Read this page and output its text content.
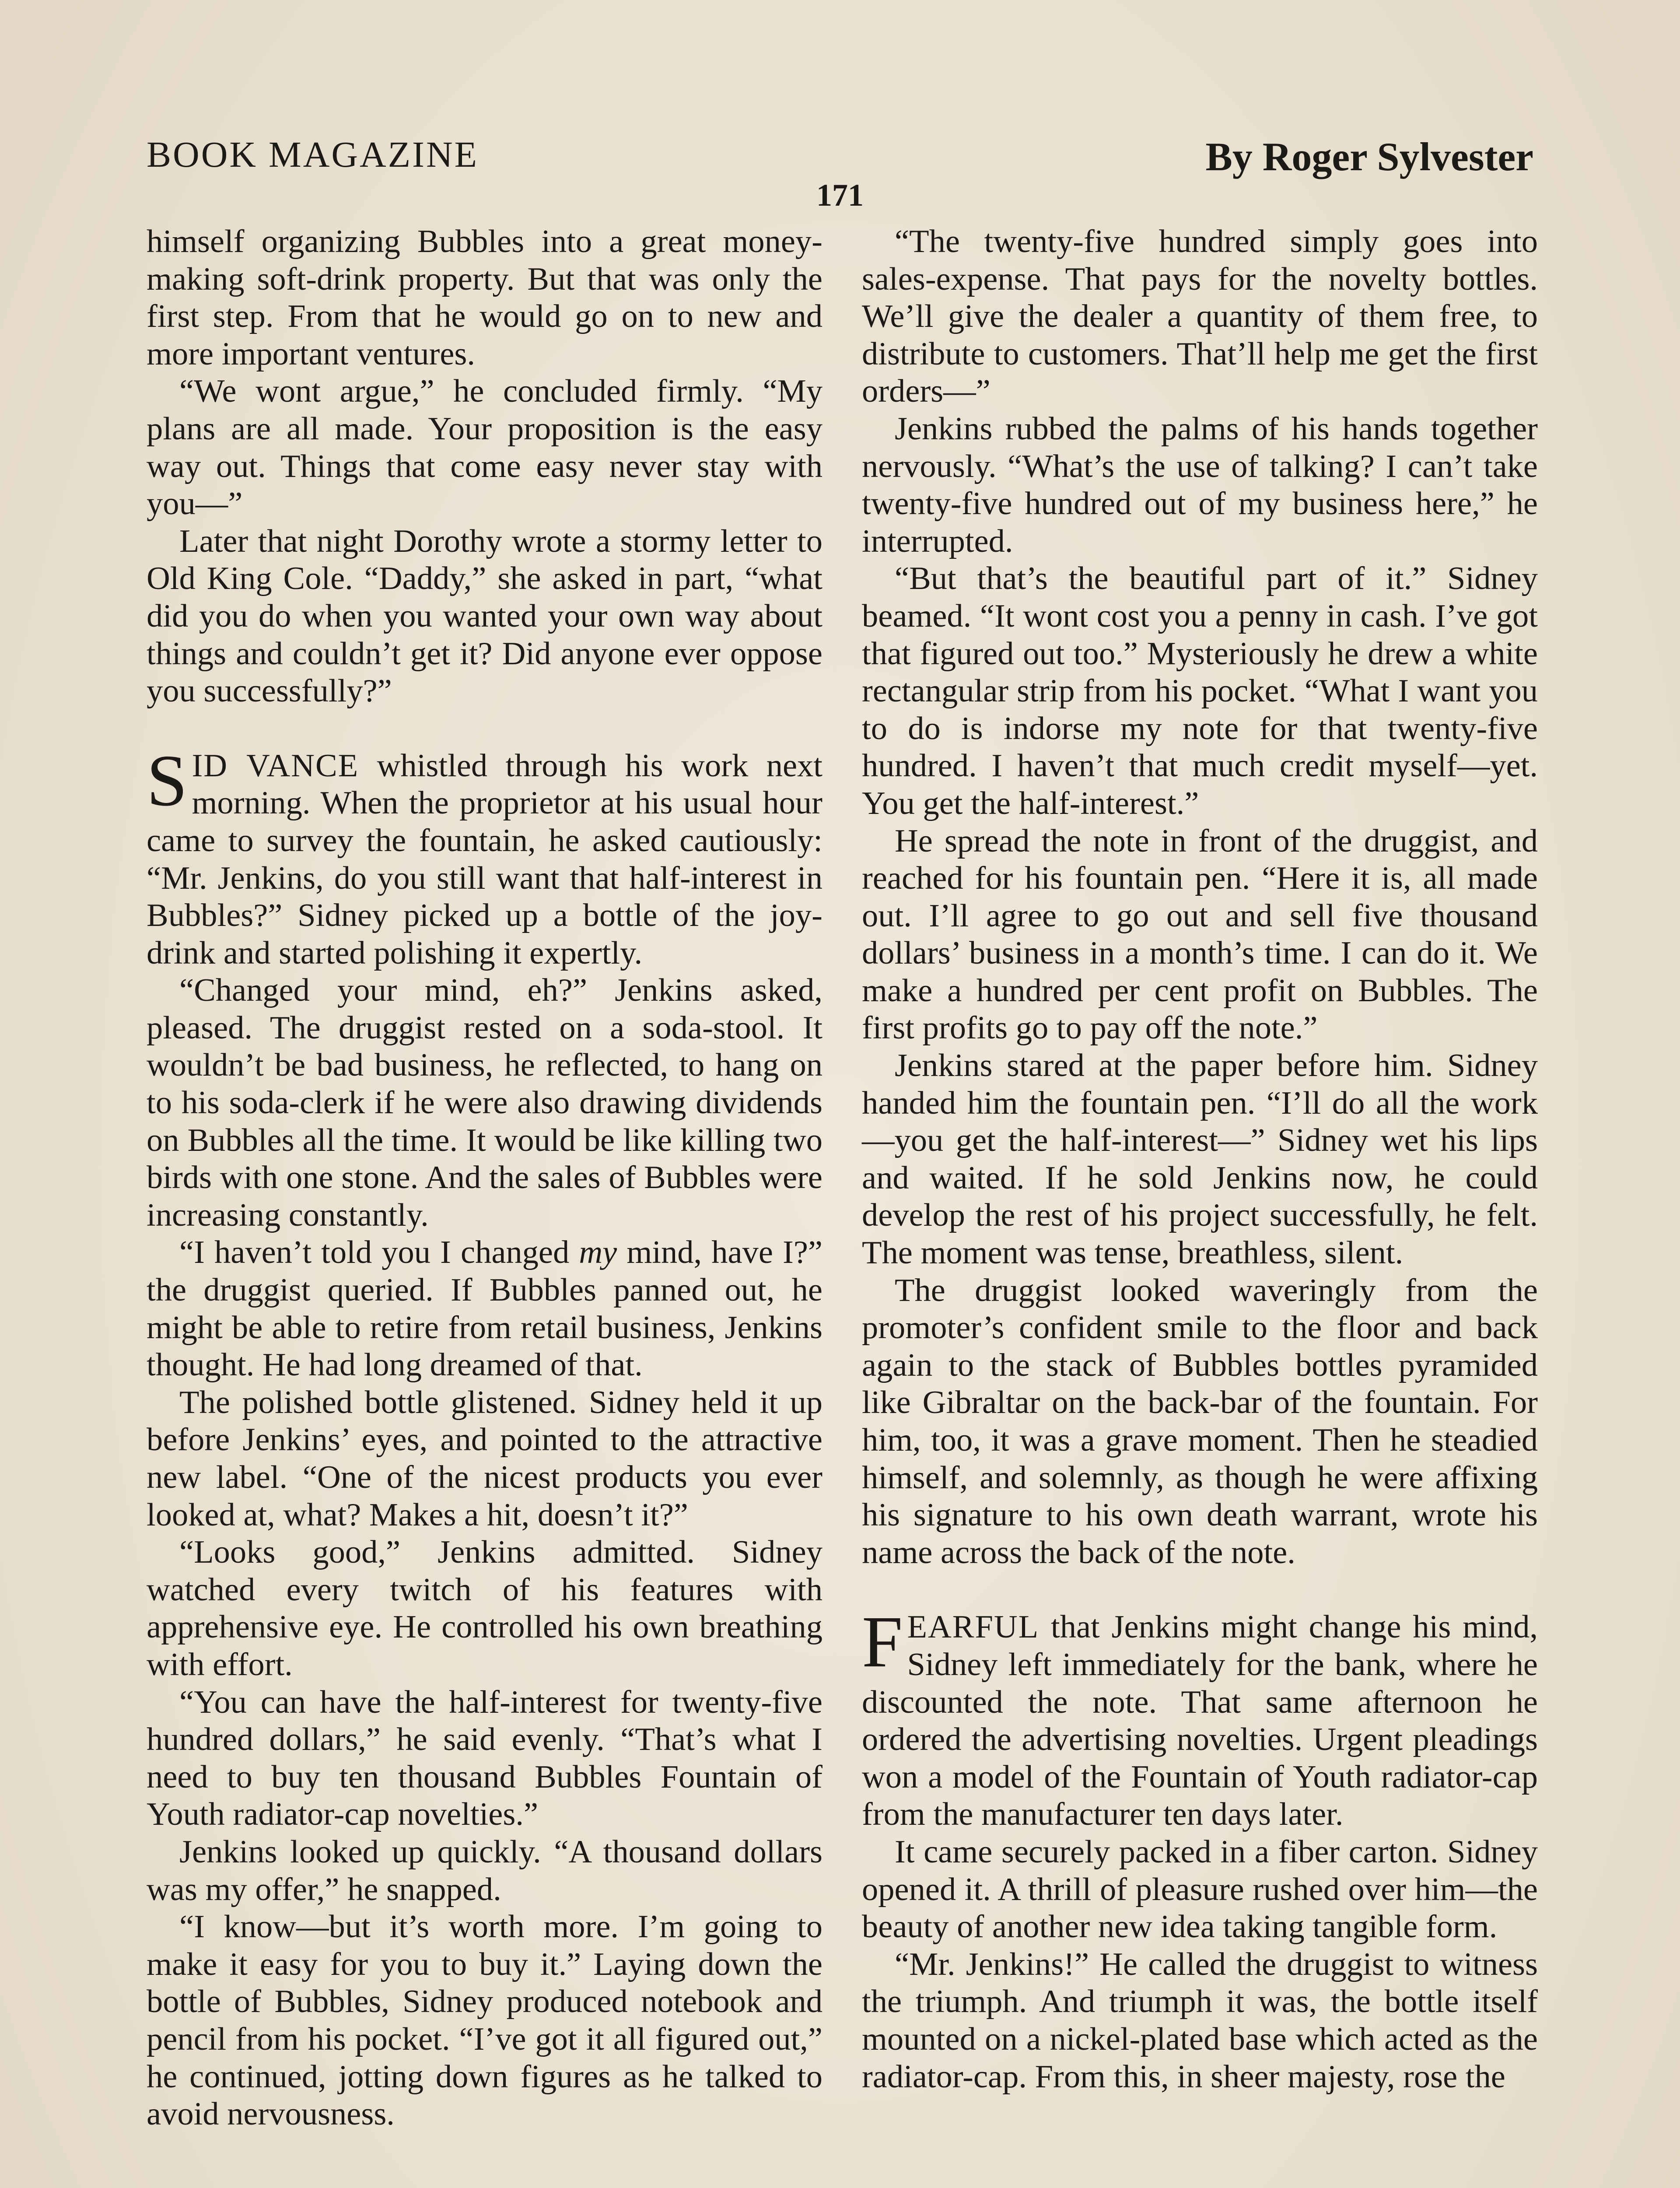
BOOK MAGAZINE	By Roger Sylvester
171

himself organizing Bubbles into a great money-making soft-drink property. But that was only the first step. From that he would go on to new and more important ventures.

“We wont argue,” he concluded firmly. “My plans are all made. Your proposition is the easy way out. Things that come easy never stay with you—”

Later that night Dorothy wrote a stormy letter to Old King Cole. “Daddy,” she asked in part, “what did you do when you wanted your own way about things and couldn’t get it? Did anyone ever oppose you successfully?”

SID VANCE whistled through his work next morning. When the proprietor at his usual hour came to survey the fountain, he asked cautiously: “Mr. Jenkins, do you still want that half-interest in Bubbles?” Sidney picked up a bottle of the joy-drink and started polishing it expertly.

“Changed your mind, eh?” Jenkins asked, pleased. The druggist rested on a soda-stool. It wouldn’t be bad business, he reflected, to hang on to his soda-clerk if he were also drawing dividends on Bubbles all the time. It would be like killing two birds with one stone. And the sales of Bubbles were increasing constantly.

“I haven’t told you I changed my mind, have I?” the druggist queried. If Bubbles panned out, he might be able to retire from retail business, Jenkins thought. He had long dreamed of that.

The polished bottle glistened. Sidney held it up before Jenkins’ eyes, and pointed to the attractive new label. “One of the nicest products you ever looked at, what? Makes a hit, doesn’t it?”

“Looks good,” Jenkins admitted. Sidney watched every twitch of his features with apprehensive eye. He controlled his own breathing with effort.

“You can have the half-interest for twenty-five hundred dollars,” he said evenly. “That’s what I need to buy ten thousand Bubbles Fountain of Youth radiator-cap novelties.”

Jenkins looked up quickly. “A thousand dollars was my offer,” he snapped.

“I know—but it’s worth more. I’m going to make it easy for you to buy it.” Laying down the bottle of Bubbles, Sidney produced notebook and pencil from his pocket. “I’ve got it all figured out,” he continued, jotting down figures as he talked to avoid nervousness.

“The twenty-five hundred simply goes into sales-expense. That pays for the novelty bottles. We’ll give the dealer a quantity of them free, to distribute to customers. That’ll help me get the first orders—”

Jenkins rubbed the palms of his hands together nervously. “What’s the use of talking? I can’t take twenty-five hundred out of my business here,” he interrupted.

“But that’s the beautiful part of it.” Sidney beamed. “It wont cost you a penny in cash. I’ve got that figured out too.” Mysteriously he drew a white rectangular strip from his pocket. “What I want you to do is indorse my note for that twenty-five hundred. I haven’t that much credit myself—yet. You get the half-interest.”

He spread the note in front of the druggist, and reached for his fountain pen. “Here it is, all made out. I’ll agree to go out and sell five thousand dollars’ business in a month’s time. I can do it. We make a hundred per cent profit on Bubbles. The first profits go to pay off the note.”

Jenkins stared at the paper before him. Sidney handed him the fountain pen. “I’ll do all the work—you get the half-interest—” Sidney wet his lips and waited. If he sold Jenkins now, he could develop the rest of his project successfully, he felt. The moment was tense, breathless, silent.

The druggist looked waveringly from the promoter’s confident smile to the floor and back again to the stack of Bubbles bottles pyramided like Gibraltar on the back-bar of the fountain. For him, too, it was a grave moment. Then he steadied himself, and solemnly, as though he were affixing his signature to his own death warrant, wrote his name across the back of the note.

FEARFUL that Jenkins might change his mind, Sidney left immediately for the bank, where he discounted the note. That same afternoon he ordered the advertising novelties. Urgent pleadings won a model of the Fountain of Youth radiator-cap from the manufacturer ten days later.

It came securely packed in a fiber carton. Sidney opened it. A thrill of pleasure rushed over him—the beauty of another new idea taking tangible form.

“Mr. Jenkins!” He called the druggist to witness the triumph. And triumph it was, the bottle itself mounted on a nickel-plated base which acted as the radiator-cap. From this, in sheer majesty, rose the
